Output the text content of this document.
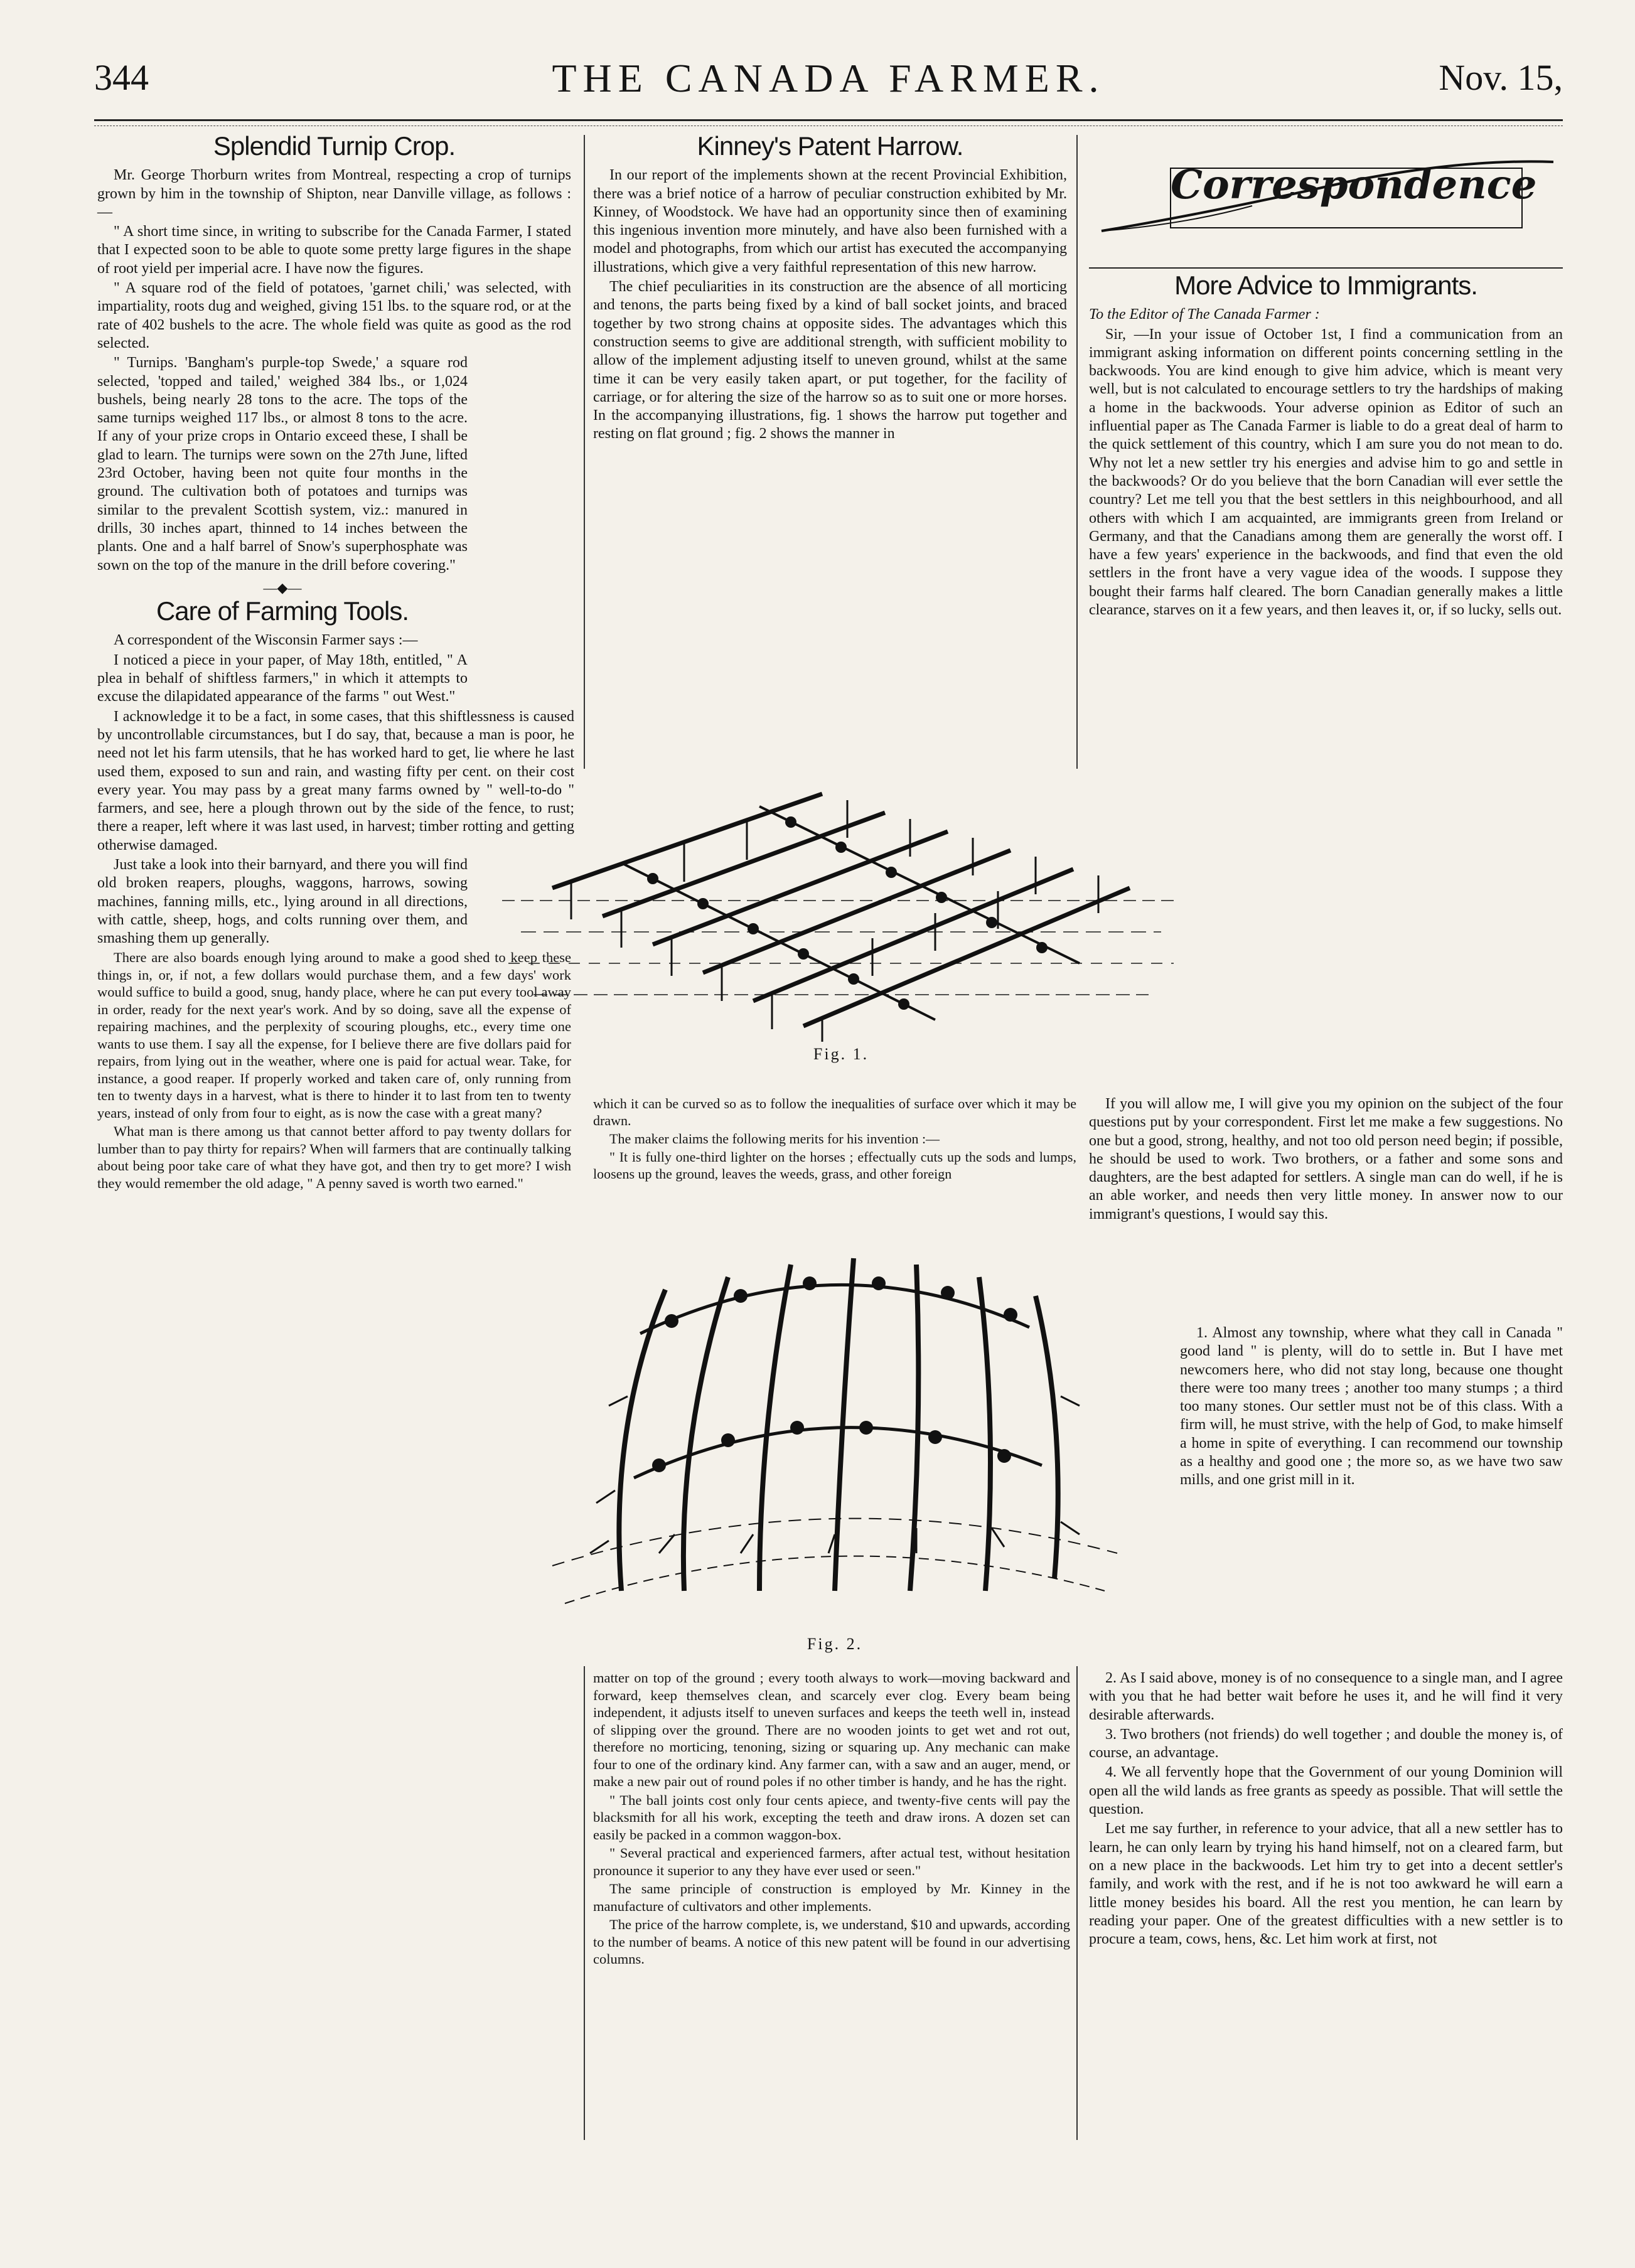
344	THE CANADA FARMER.	Nov. 15,
Splendid Turnip Crop.

Mr. George Thorburn writes from Montreal, respecting a crop of turnips grown by him in the township of Shipton, near Danville village, as follows :—

" A short time since, in writing to subscribe for the Canada Farmer, I stated that I expected soon to be able to quote some pretty large figures in the shape of root yield per imperial acre. I have now the figures.

" A square rod of the field of potatoes, 'garnet chili,' was selected, with impartiality, roots dug and weighed, giving 151 lbs. to the square rod, or at the rate of 402 bushels to the acre. The whole field was quite as good as the rod selected.

" Turnips. 'Bangham's purple-top Swede,' a square rod selected, 'topped and tailed,' weighed 384 lbs., or 1,024 bushels, being nearly 28 tons to the acre. The tops of the same turnips weighed 117 lbs., or almost 8 tons to the acre. If any of your prize crops in Ontario exceed these, I shall be glad to learn. The turnips were sown on the 27th June, lifted 23rd October, having been not quite four months in the ground. The cultivation both of potatoes and turnips was similar to the prevalent Scottish system, viz.: manured in drills, 30 inches apart, thinned to 14 inches between the plants. One and a half barrel of Snow's superphosphate was sown on the top of the manure in the drill before covering."

—◆—
Care of Farming Tools.

A correspondent of the Wisconsin Farmer says :—

I noticed a piece in your paper, of May 18th, entitled, " A plea in behalf of shiftless farmers," in which it attempts to excuse the dilapidated appearance of the farms " out West."

I acknowledge it to be a fact, in some cases, that this shiftlessness is caused by uncontrollable circumstances, but I do say, that, because a man is poor, he need not let his farm utensils, that he has worked hard to get, lie where he last used them, exposed to sun and rain, and wasting fifty per cent. on their cost every year. You may pass by a great many farms owned by " well-to-do " farmers, and see, here a plough thrown out by the side of the fence, to rust; there a reaper, left where it was last used, in harvest; timber rotting and getting otherwise damaged.

Just take a look into their barnyard, and there you will find old broken reapers, ploughs, waggons, harrows, sowing machines, fanning mills, etc., lying around in all directions, with cattle, sheep, hogs, and colts running over them, and smashing them up generally.

There are also boards enough lying around to make a good shed to keep these things in, or, if not, a few dollars would purchase them, and a few days' work would suffice to build a good, snug, handy place, where he can put every tool away in order, ready for the next year's work. And by so doing, save all the expense of repairing machines, and the perplexity of scouring ploughs, etc., every time one wants to use them. I say all the expense, for I believe there are five dollars paid for repairs, from lying out in the weather, where one is paid for actual wear. Take, for instance, a good reaper. If properly worked and taken care of, only running from ten to twenty days in a harvest, what is there to hinder it to last from ten to twenty years, instead of only from four to eight, as is now the case with a great many?

What man is there among us that cannot better afford to pay twenty dollars for lumber than to pay thirty for repairs? When will farmers that are continually talking about being poor take care of what they have got, and then try to get more? I wish they would remember the old adage, " A penny saved is worth two earned."

Kinney's Patent Harrow.

In our report of the implements shown at the recent Provincial Exhibition, there was a brief notice of a harrow of peculiar construction exhibited by Mr. Kinney, of Woodstock. We have had an opportunity since then of examining this ingenious invention more minutely, and have also been furnished with a model and photographs, from which our artist has executed the accompanying illustrations, which give a very faithful representation of this new harrow.

The chief peculiarities in its construction are the absence of all morticing and tenons, the parts being fixed by a kind of ball socket joints, and braced together by two strong chains at opposite sides. The advantages which this construction seems to give are additional strength, with sufficient mobility to allow of the implement adjusting itself to uneven ground, whilst at the same time it can be very easily taken apart, or put together, for the facility of carriage, or for altering the size of the harrow so as to suit one or more horses. In the accompanying illustrations, fig. 1 shows the harrow put together and resting on flat ground ; fig. 2 shows the manner in

Fig. 1.
Correspondence
More Advice to Immigrants.

To the Editor of The Canada Farmer :

Sir, —In your issue of October 1st, I find a communication from an immigrant asking information on different points concerning settling in the backwoods. You are kind enough to give him advice, which is meant very well, but is not calculated to encourage settlers to try the hardships of making a home in the backwoods. Your adverse opinion as Editor of such an influential paper as The Canada Farmer is liable to do a great deal of harm to the quick settlement of this country, which I am sure you do not mean to do. Why not let a new settler try his energies and advise him to go and settle in the backwoods? Or do you believe that the born Canadian will ever settle the country? Let me tell you that the best settlers in this neighbourhood, and all others with which I am acquainted, are immigrants green from Ireland or Germany, and that the Canadians among them are generally the worst off. I have a few years' experience in the backwoods, and find that even the old settlers in the front have a very vague idea of the woods. I suppose they bought their farms half cleared. The born Canadian generally makes a little clearance, starves on it a few years, and then leaves it, or, if so lucky, sells out.

Fig. 2.

which it can be curved so as to follow the inequalities of surface over which it may be drawn.

The maker claims the following merits for his invention :—

" It is fully one-third lighter on the horses ; effectually cuts up the sods and lumps, loosens up the ground, leaves the weeds, grass, and other foreign

matter on top of the ground ; every tooth always to work—moving backward and forward, keep themselves clean, and scarcely ever clog. Every beam being independent, it adjusts itself to uneven surfaces and keeps the teeth well in, instead of slipping over the ground. There are no wooden joints to get wet and rot out, therefore no morticing, tenoning, sizing or squaring up. Any mechanic can make four to one of the ordinary kind. Any farmer can, with a saw and an auger, mend, or make a new pair out of round poles if no other timber is handy, and he has the right.

" The ball joints cost only four cents apiece, and twenty-five cents will pay the blacksmith for all his work, excepting the teeth and draw irons. A dozen set can easily be packed in a common waggon-box.

" Several practical and experienced farmers, after actual test, without hesitation pronounce it superior to any they have ever used or seen."

The same principle of construction is employed by Mr. Kinney in the manufacture of cultivators and other implements.

The price of the harrow complete, is, we understand, $10 and upwards, according to the number of beams. A notice of this new patent will be found in our advertising columns.

If you will allow me, I will give you my opinion on the subject of the four questions put by your correspondent. First let me make a few suggestions. No one but a good, strong, healthy, and not too old person need begin; if possible, he should be used to work. Two brothers, or a father and some sons and daughters, are the best adapted for settlers. A single man can do well, if he is an able worker, and needs then very little money. In answer now to our immigrant's questions, I would say this.

1. Almost any township, where what they call in Canada " good land " is plenty, will do to settle in. But I have met newcomers here, who did not stay long, because one thought there were too many trees ; another too many stumps ; a third too many stones. Our settler must not be of this class. With a firm will, he must strive, with the help of God, to make himself a home in spite of everything. I can recommend our township as a healthy and good one ; the more so, as we have two saw mills, and one grist mill in it.

2. As I said above, money is of no consequence to a single man, and I agree with you that he had better wait before he uses it, and he will find it very desirable afterwards.

3. Two brothers (not friends) do well together ; and double the money is, of course, an advantage.

4. We all fervently hope that the Government of our young Dominion will open all the wild lands as free grants as speedy as possible. That will settle the question.

Let me say further, in reference to your advice, that all a new settler has to learn, he can only learn by trying his hand himself, not on a cleared farm, but on a new place in the backwoods. Let him try to get into a decent settler's family, and work with the rest, and if he is not too awkward he will earn a little money besides his board. All the rest you mention, he can learn by reading your paper. One of the greatest difficulties with a new settler is to procure a team, cows, hens, &c. Let him work at first, not
